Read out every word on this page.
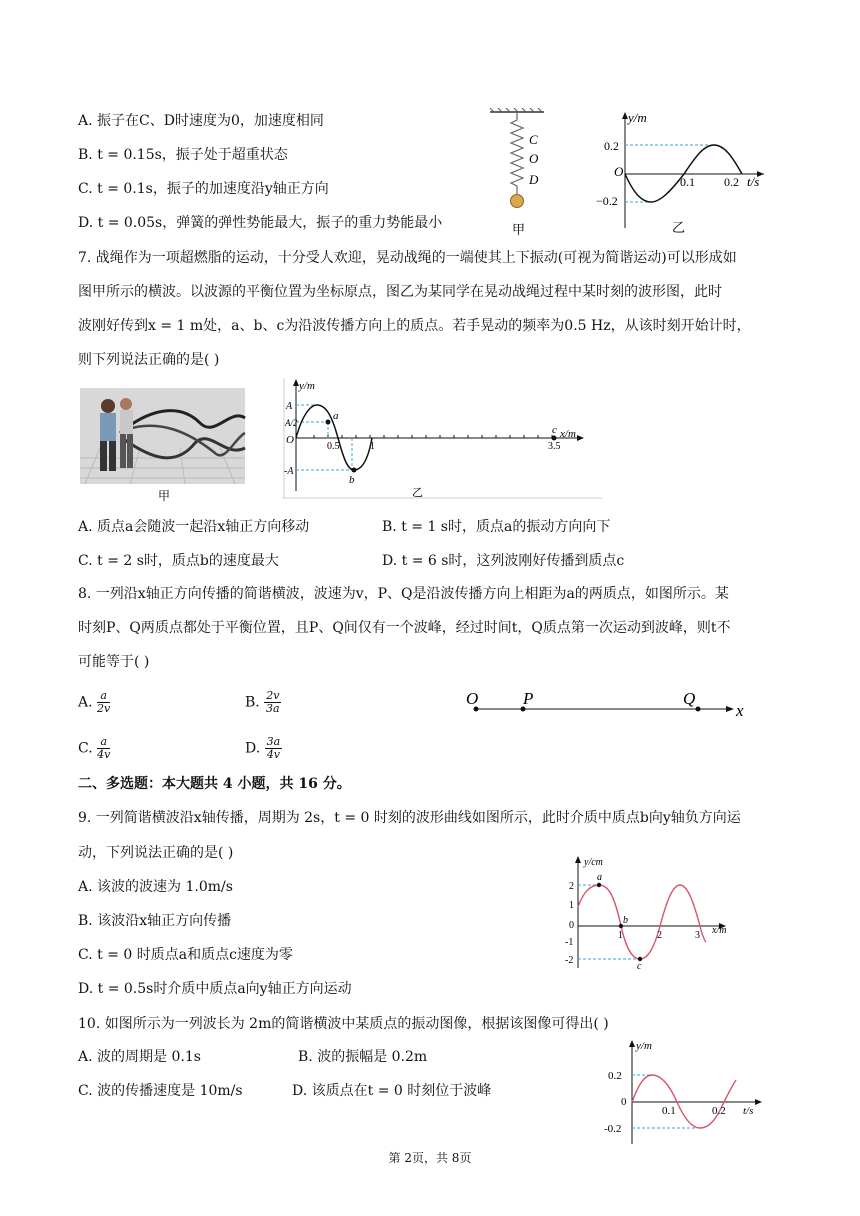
A. 振子在C、D时速度为0，加速度相同
B. t = 0.15s，振子处于超重状态
C. t = 0.1s，振子的加速度沿y轴正方向
D. t = 0.05s，弹簧的弹性势能最大，振子的重力势能最小
C
O
D
甲
y/m
t/s
O
0.2
−0.2
0.1 0.2
乙
7. 战绳作为一项超燃脂的运动，十分受人欢迎，晃动战绳的一端使其上下振动(可视为简谐运动)可以形成如
图甲所示的横波。以波源的平衡位置为坐标原点，图乙为某同学在晃动战绳过程中某时刻的波形图，此时
波刚好传到x = 1 m处，a、b、c为沿波传播方向上的质点。若手晃动的频率为0.5 Hz，从该时刻开始计时，
则下列说法正确的是( )
甲
y/m
x/m
O
A
A/2
-A
a
b
c
0.5	1	3.5
乙
A. 质点a会随波一起沿x轴正方向移动	B. t = 1 s时，质点a的振动方向向下
C. t = 2 s时，质点b的速度最大	D. t = 6 s时，这列波刚好传播到质点c
8. 一列沿x轴正方向传播的简谐横波，波速为v，P、Q是沿波传播方向上相距为a的两质点，如图所示。某
时刻P、Q两质点都处于平衡位置，且P、Q间仅有一个波峰，经过时间t，Q质点第一次运动到波峰，则t不
可能等于( )
A. $\frac{a}{2v}$	B. $\frac{2v}{3a}$
C. $\frac{a}{4v}$	D. $\frac{3a}{4v}$
O	P	Q
x
二、多选题：本大题共 4 小题，共 16 分。
9. 一列简谐横波沿x轴传播，周期为 2s，t = 0 时刻的波形曲线如图所示，此时介质中质点b向y轴负方向运
动，下列说法正确的是( )
A. 该波的波速为 1.0m/s
B. 该波沿x轴正方向传播
C. t = 0 时质点a和质点c速度为零
D. t = 0.5s时介质中质点a向y轴正方向运动
y/cm
x/m
2
1
0
-1
-2
a
b
c
1	2	3
10. 如图所示为一列波长为 2m的简谐横波中某质点的振动图像，根据该图像可得出( )
A. 波的周期是 0.1s	B. 波的振幅是 0.2m
C. 波的传播速度是 10m/s	D. 该质点在t = 0 时刻位于波峰
y/m
t/s
0.2
0
-0.2
0.1	0.2
第 2页，共 8页
